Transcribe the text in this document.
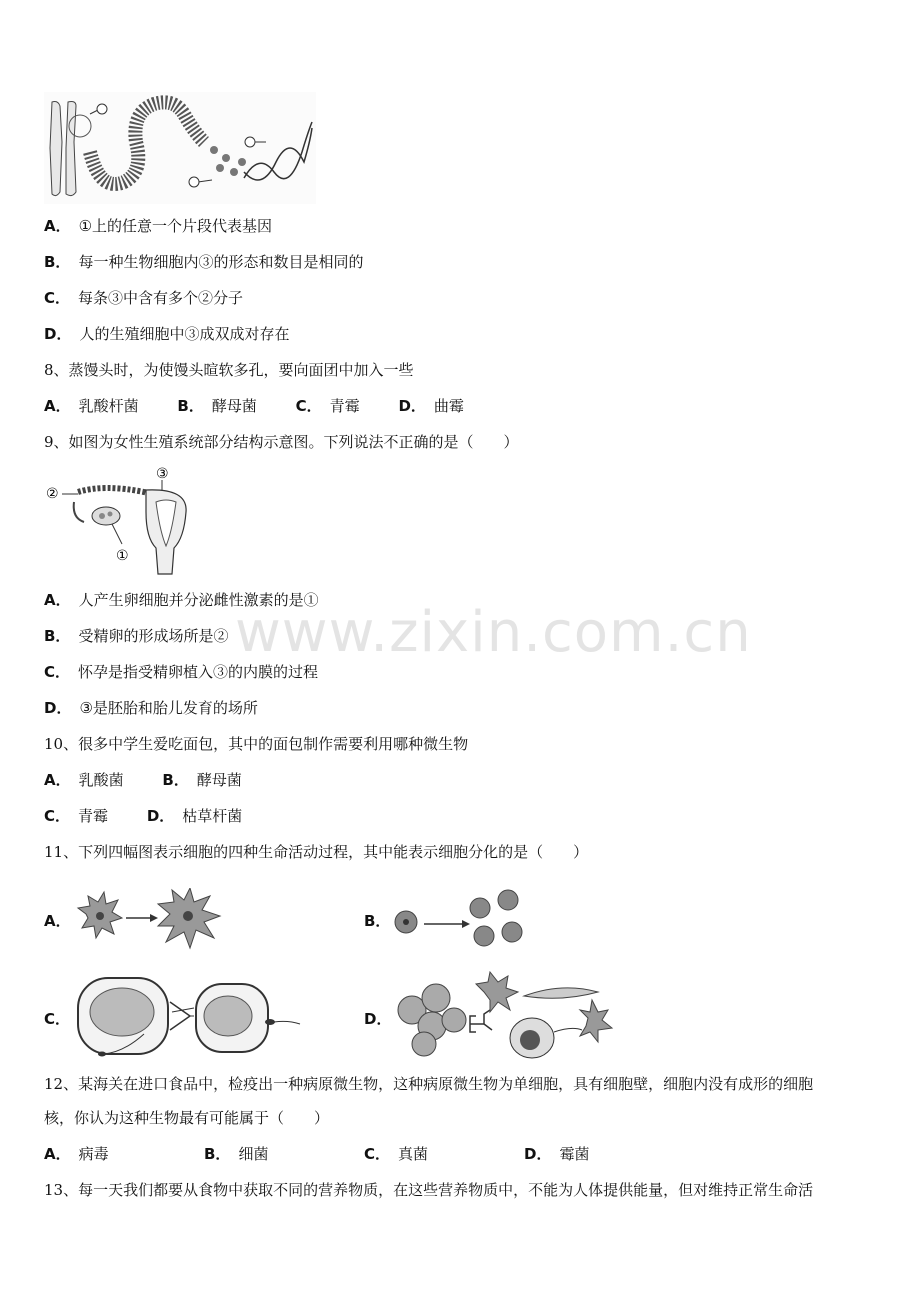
www.zixin.com.cn
A． ①上的任意一个片段代表基因
B． 每一种生物细胞内③的形态和数目是相同的
C． 每条③中含有多个②分子
D． 人的生殖细胞中③成双成对存在
8、蒸馒头时，为使馒头暄软多孔，要向面团中加入一些
A． 乳酸杆菌	B． 酵母菌	C． 青霉	D． 曲霉
9、如图为女性生殖系统部分结构示意图。下列说法不正确的是（　　）
③
②
①
A． 人产生卵细胞并分泌雌性激素的是①
B． 受精卵的形成场所是②
C． 怀孕是指受精卵植入③的内膜的过程
D． ③是胚胎和胎儿发育的场所
10、很多中学生爱吃面包，其中的面包制作需要利用哪种微生物
A． 乳酸菌	B． 酵母菌
C． 青霉	D． 枯草杆菌
11、下列四幅图表示细胞的四种生命活动过程，其中能表示细胞分化的是（　　）
A．	B．
C．	D．
12、某海关在进口食品中，检疫出一种病原微生物，这种病原微生物为单细胞，具有细胞壁，细胞内没有成形的细胞
核，你认为这种生物最有可能属于（　　）
A． 病毒	B． 细菌	C． 真菌	D． 霉菌
13、每一天我们都要从食物中获取不同的营养物质，在这些营养物质中，不能为人体提供能量，但对维持正常生命活
